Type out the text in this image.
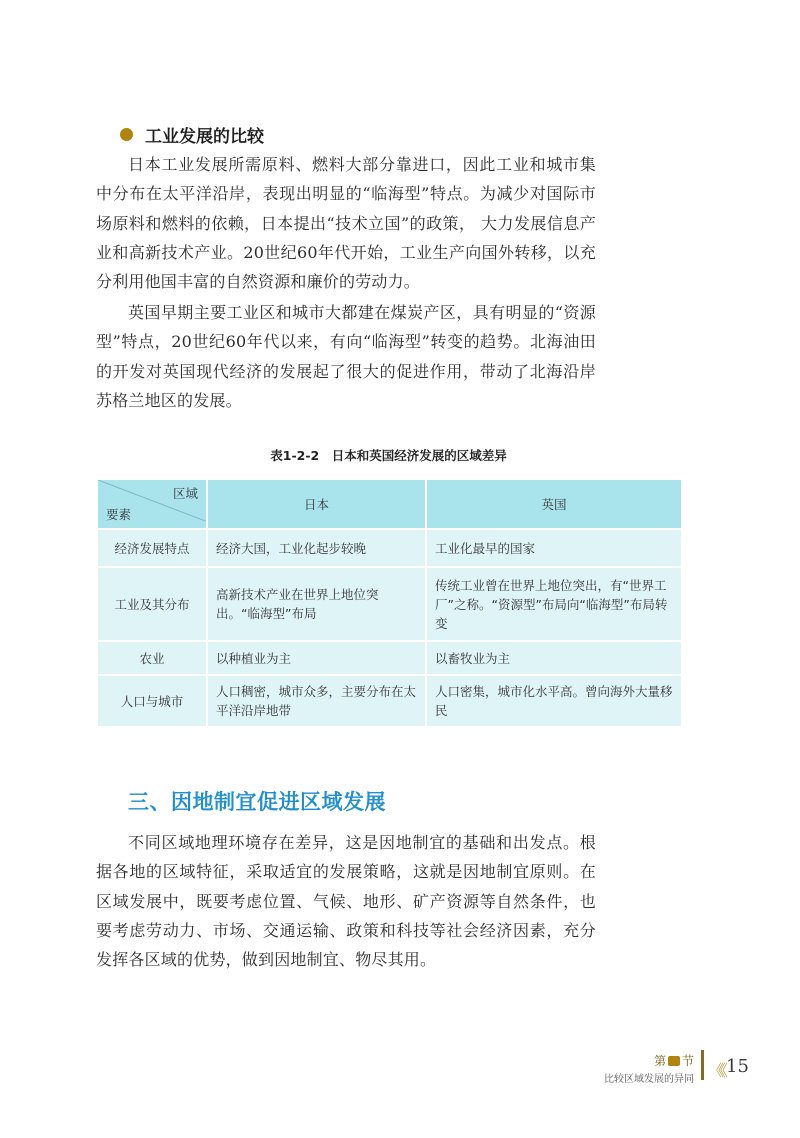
工业发展的比较

日本工业发展所需原料、燃料大部分靠进口，因此工业和城市集中分布在太平洋沿岸，表现出明显的“临海型”特点。为减少对国际市场原料和燃料的依赖，日本提出“技术立国”的政策， 大力发展信息产业和高新技术产业。20世纪60年代开始，工业生产向国外转移，以充分利用他国丰富的自然资源和廉价的劳动力。

英国早期主要工业区和城市大都建在煤炭产区，具有明显的“资源型”特点，20世纪60年代以来，有向“临海型”转变的趋势。北海油田的开发对英国现代经济的发展起了很大的促进作用，带动了北海沿岸苏格兰地区的发展。

表1-2-2　日本和英国经济发展的区域差异
区域
要素	日本	英国
经济发展特点	经济大国，工业化起步较晚	工业化最早的国家
工业及其分布	高新技术产业在世界上地位突出。“临海型”布局	传统工业曾在世界上地位突出，有“世界工厂”之称。“资源型”布局向“临海型”布局转变
农业	以种植业为主	以畜牧业为主
人口与城市	人口稠密，城市众多，主要分布在太平洋沿岸地带	人口密集，城市化水平高。曾向海外大量移民
三、因地制宜促进区域发展

不同区域地理环境存在差异，这是因地制宜的基础和出发点。根据各地的区域特征，采取适宜的发展策略，这就是因地制宜原则。在区域发展中，既要考虑位置、气候、地形、矿产资源等自然条件，也要考虑劳动力、市场、交通运输、政策和科技等社会经济因素，充分发挥各区域的优势，做到因地制宜、物尽其用。

第 节
比较区域发展的异同 《《 15
